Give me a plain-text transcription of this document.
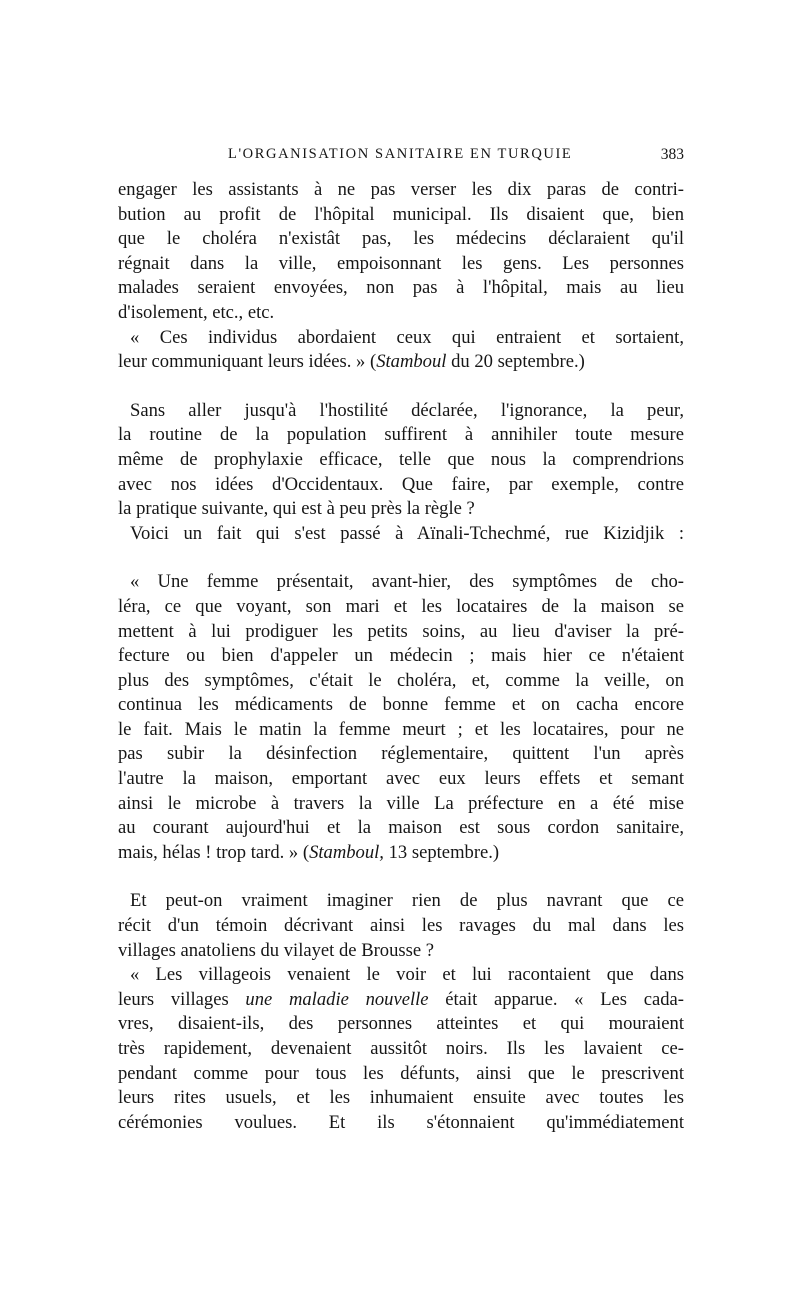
L'ORGANISATION SANITAIRE EN TURQUIE	383
engager les assistants à ne pas verser les dix paras de contri-
bution au profit de l'hôpital municipal. Ils disaient que, bien
que le choléra n'existât pas, les médecins déclaraient qu'il
régnait dans la ville, empoisonnant les gens. Les personnes
malades seraient envoyées, non pas à l'hôpital, mais au lieu
d'isolement, etc., etc.
« Ces individus abordaient ceux qui entraient et sortaient,
leur communiquant leurs idées. » (Stamboul du 20 septembre.)
Sans aller jusqu'à l'hostilité déclarée, l'ignorance, la peur,
la routine de la population suffirent à annihiler toute mesure
même de prophylaxie efficace, telle que nous la comprendrions
avec nos idées d'Occidentaux. Que faire, par exemple, contre
la pratique suivante, qui est à peu près la règle ?
Voici un fait qui s'est passé à Aïnali-Tchechmé, rue Kizidjik :
« Une femme présentait, avant-hier, des symptômes de cho-
léra, ce que voyant, son mari et les locataires de la maison se
mettent à lui prodiguer les petits soins, au lieu d'aviser la pré-
fecture ou bien d'appeler un médecin ; mais hier ce n'étaient
plus des symptômes, c'était le choléra, et, comme la veille, on
continua les médicaments de bonne femme et on cacha encore
le fait. Mais le matin la femme meurt ; et les locataires, pour ne
pas subir la désinfection réglementaire, quittent l'un après
l'autre la maison, emportant avec eux leurs effets et semant
ainsi le microbe à travers la ville La préfecture en a été mise
au courant aujourd'hui et la maison est sous cordon sanitaire,
mais, hélas ! trop tard. » (Stamboul, 13 septembre.)
Et peut-on vraiment imaginer rien de plus navrant que ce
récit d'un témoin décrivant ainsi les ravages du mal dans les
villages anatoliens du vilayet de Brousse ?
« Les villageois venaient le voir et lui racontaient que dans
leurs villages une maladie nouvelle était apparue. « Les cada-
vres, disaient-ils, des personnes atteintes et qui mouraient
très rapidement, devenaient aussitôt noirs. Ils les lavaient ce-
pendant comme pour tous les défunts, ainsi que le prescrivent
leurs rites usuels, et les inhumaient ensuite avec toutes les
cérémonies voulues. Et ils s'étonnaient qu'immédiatement
